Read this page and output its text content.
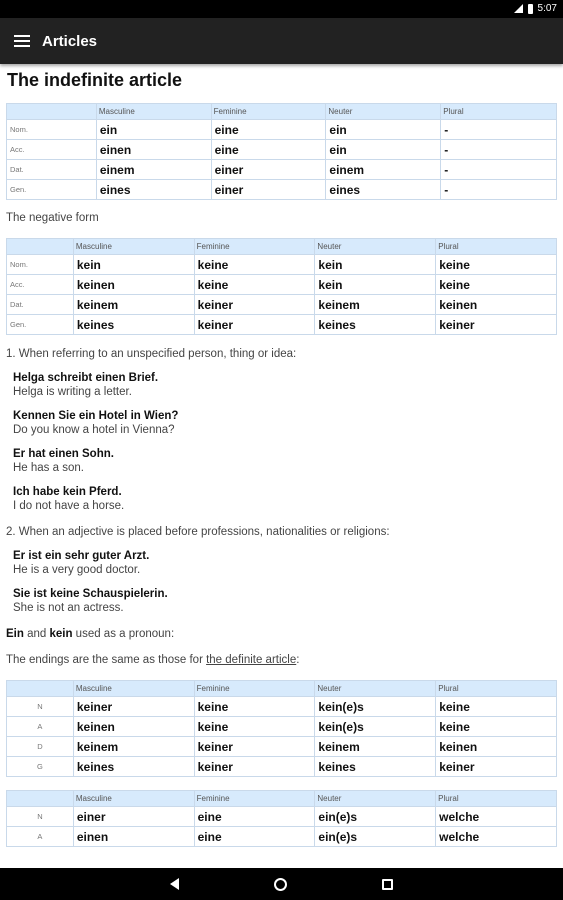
5:07
Articles
The indefinite article
	Masculine	Feminine	Neuter	Plural
Nom.	ein	eine	ein	-
Acc.	einen	eine	ein	-
Dat.	einem	einer	einem	-
Gen.	eines	einer	eines	-
The negative form
	Masculine	Feminine	Neuter	Plural
Nom.	kein	keine	kein	keine
Acc.	keinen	keine	kein	keine
Dat.	keinem	keiner	keinem	keinen
Gen.	keines	keiner	keines	keiner
1. When referring to an unspecified person, thing or idea:
Helga schreibt einen Brief.
Helga is writing a letter.
Kennen Sie ein Hotel in Wien?
Do you know a hotel in Vienna?
Er hat einen Sohn.
He has a son.
Ich habe kein Pferd.
I do not have a horse.
2. When an adjective is placed before professions, nationalities or religions:
Er ist ein sehr guter Arzt.
He is a very good doctor.
Sie ist keine Schauspielerin.
She is not an actress.
Ein and kein used as a pronoun:
The endings are the same as those for the definite article:
	Masculine	Feminine	Neuter	Plural
N	keiner	keine	kein(e)s	keine
A	keinen	keine	kein(e)s	keine
D	keinem	keiner	keinem	keinen
G	keines	keiner	keines	keiner
	Masculine	Feminine	Neuter	Plural
N	einer	eine	ein(e)s	welche
A	einen	eine	ein(e)s	welche
